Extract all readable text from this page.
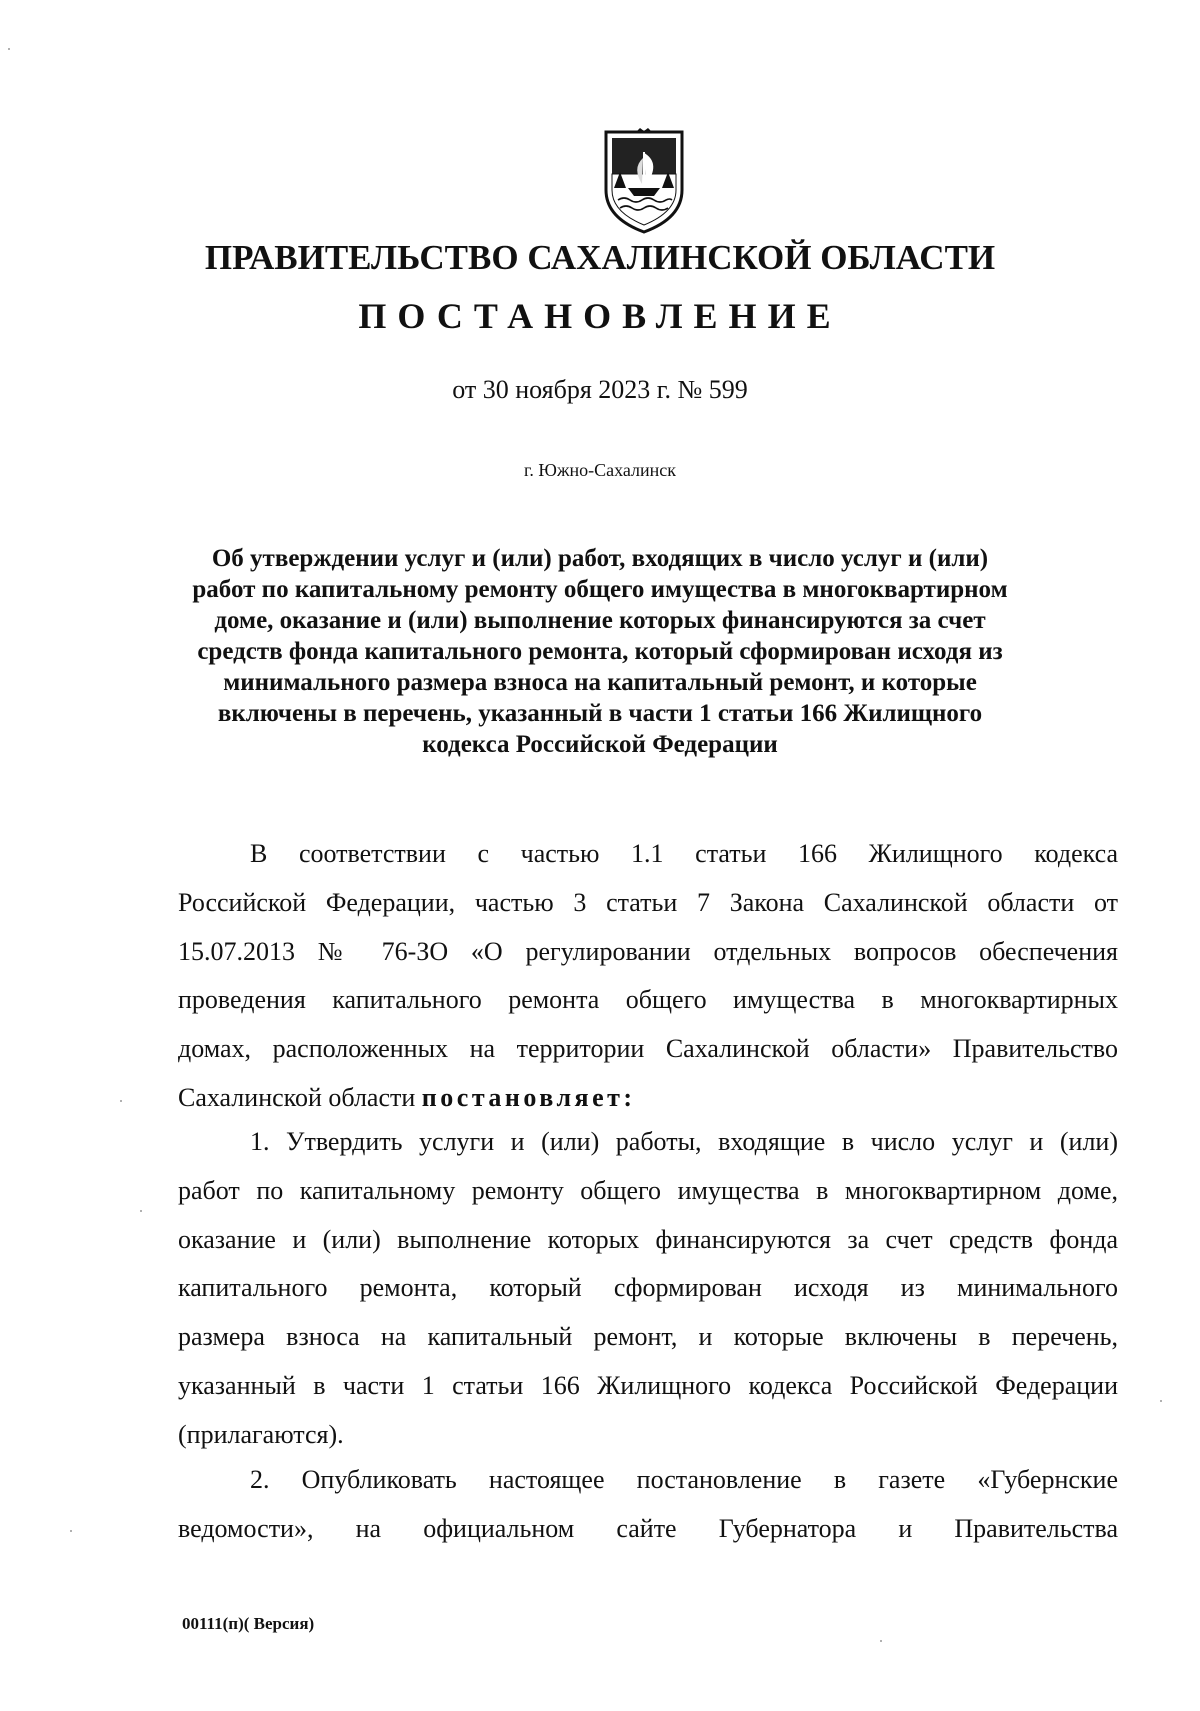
ПРАВИТЕЛЬСТВО САХАЛИНСКОЙ ОБЛАСТИ
ПОСТАНОВЛЕНИЕ

от 30 ноября 2023 г. № 599

г. Южно-Сахалинск

Об утверждении услуг и (или) работ, входящих в число услуг и (или)
работ по капитальному ремонту общего имущества в многоквартирном
доме, оказание и (или) выполнение которых финансируются за счет
средств фонда капитального ремонта, который сформирован исходя из
минимального размера взноса на капитальный ремонт, и которые
включены в перечень, указанный в части 1 статьи 166 Жилищного
кодекса Российской Федерации
В соответствии с частью 1.1 статьи 166 Жилищного кодекса
Российской Федерации, частью 3 статьи 7 Закона Сахалинской области от
15.07.2013 № 76-ЗО «О регулировании отдельных вопросов обеспечения
проведения капитального ремонта общего имущества в многоквартирных
домах, расположенных на территории Сахалинской области» Правительство
Сахалинской области постановляет:
1. Утвердить услуги и (или) работы, входящие в число услуг и (или)
работ по капитальному ремонту общего имущества в многоквартирном доме,
оказание и (или) выполнение которых финансируются за счет средств фонда
капитального ремонта, который сформирован исходя из минимального
размера взноса на капитальный ремонт, и которые включены в перечень,
указанный в части 1 статьи 166 Жилищного кодекса Российской Федерации
(прилагаются).
2. Опубликовать настоящее постановление в газете «Губернские
ведомости», на официальном сайте Губернатора и Правительства

00111(п)( Версия)
